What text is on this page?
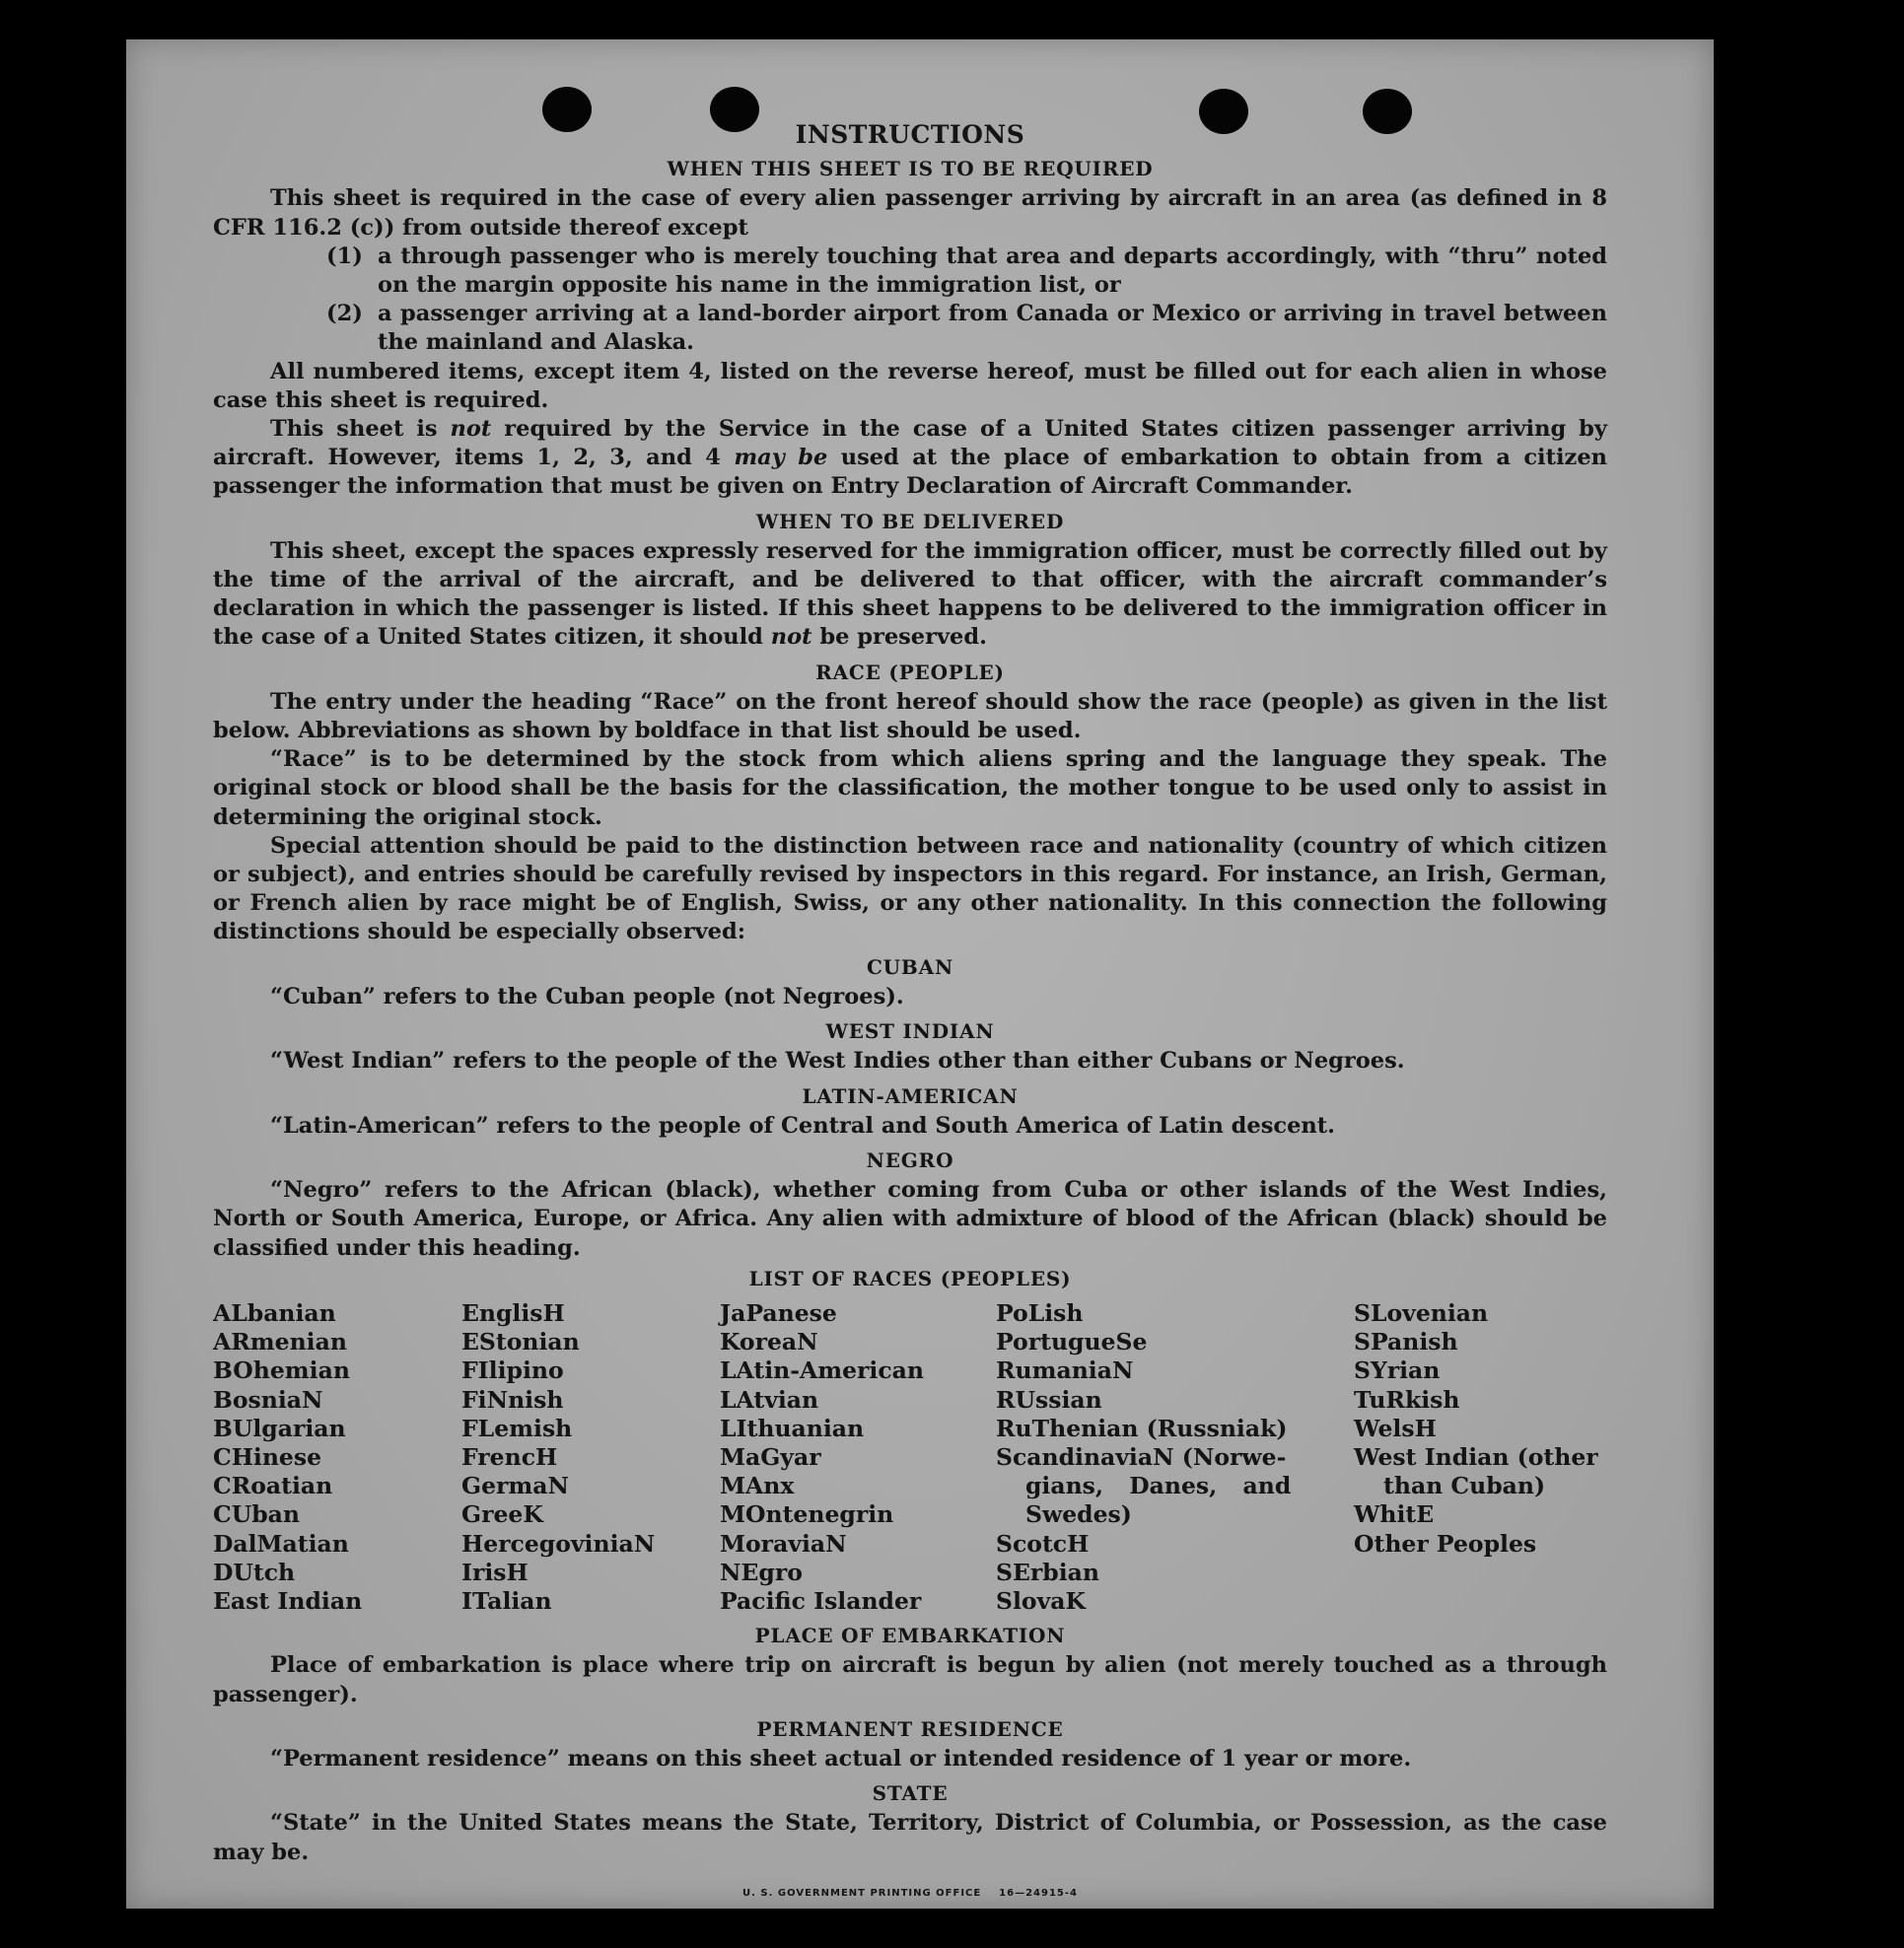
INSTRUCTIONS
WHEN THIS SHEET IS TO BE REQUIRED

This sheet is required in the case of every alien passenger arriving by aircraft in an area (as defined in 8 CFR 116.2 (c)) from outside thereof except

(1) a through passenger who is merely touching that area and departs accordingly, with “thru” noted on the margin opposite his name in the immigration list, or
(2) a passenger arriving at a land-border airport from Canada or Mexico or arriving in travel between the mainland and Alaska.

All numbered items, except item 4, listed on the reverse hereof, must be filled out for each alien in whose case this sheet is required.

This sheet is not required by the Service in the case of a United States citizen passenger arriving by aircraft. However, items 1, 2, 3, and 4 may be used at the place of embarkation to obtain from a citizen passenger the information that must be given on Entry Declaration of Aircraft Commander.

WHEN TO BE DELIVERED

This sheet, except the spaces expressly reserved for the immigration officer, must be correctly filled out by the time of the arrival of the aircraft, and be delivered to that officer, with the aircraft commander’s declaration in which the passenger is listed. If this sheet happens to be delivered to the immigration officer in the case of a United States citizen, it should not be preserved.

RACE (PEOPLE)

The entry under the heading “Race” on the front hereof should show the race (people) as given in the list below. Abbreviations as shown by boldface in that list should be used.

“Race” is to be determined by the stock from which aliens spring and the language they speak. The original stock or blood shall be the basis for the classification, the mother tongue to be used only to assist in determining the original stock.

Special attention should be paid to the distinction between race and nationality (country of which citizen or subject), and entries should be carefully revised by inspectors in this regard. For instance, an Irish, German, or French alien by race might be of English, Swiss, or any other nationality. In this connection the following distinctions should be especially observed:

CUBAN

“Cuban” refers to the Cuban people (not Negroes).

WEST INDIAN

“West Indian” refers to the people of the West Indies other than either Cubans or Negroes.

LATIN-AMERICAN

“Latin-American” refers to the people of Central and South America of Latin descent.

NEGRO

“Negro” refers to the African (black), whether coming from Cuba or other islands of the West Indies, North or South America, Europe, or Africa. Any alien with admixture of blood of the African (black) should be classified under this heading.

LIST OF RACES (PEOPLES)
ALbanian
ARmenian
BOhemian
BosniaN
BUlgarian
CHinese
CRoatian
CUban
DalMatian
DUtch
East Indian
EnglisH
EStonian
FIlipino
FiNnish
FLemish
FrencH
GermaN
GreeK
HercegoviniaN
IrisH
ITalian
JaPanese
KoreaN
LAtin-American
LAtvian
LIthuanian
MaGyar
MAnx
MOntenegrin
MoraviaN
NEgro
Pacific Islander
PoLish
PortugueSe
RumaniaN
RUssian
RuThenian (Russniak)
ScandinaviaN (Norwe-
gians, Danes, and
Swedes)
ScotcH
SErbian
SlovaK
SLovenian
SPanish
SYrian
TuRkish
WelsH
West Indian (other
than Cuban)
WhitE
Other Peoples
PLACE OF EMBARKATION

Place of embarkation is place where trip on aircraft is begun by alien (not merely touched as a through passenger).

PERMANENT RESIDENCE

“Permanent residence” means on this sheet actual or intended residence of 1 year or more.

STATE

“State” in the United States means the State, Territory, District of Columbia, or Possession, as the case may be.

U. S. GOVERNMENT PRINTING OFFICE    16—24915-4
